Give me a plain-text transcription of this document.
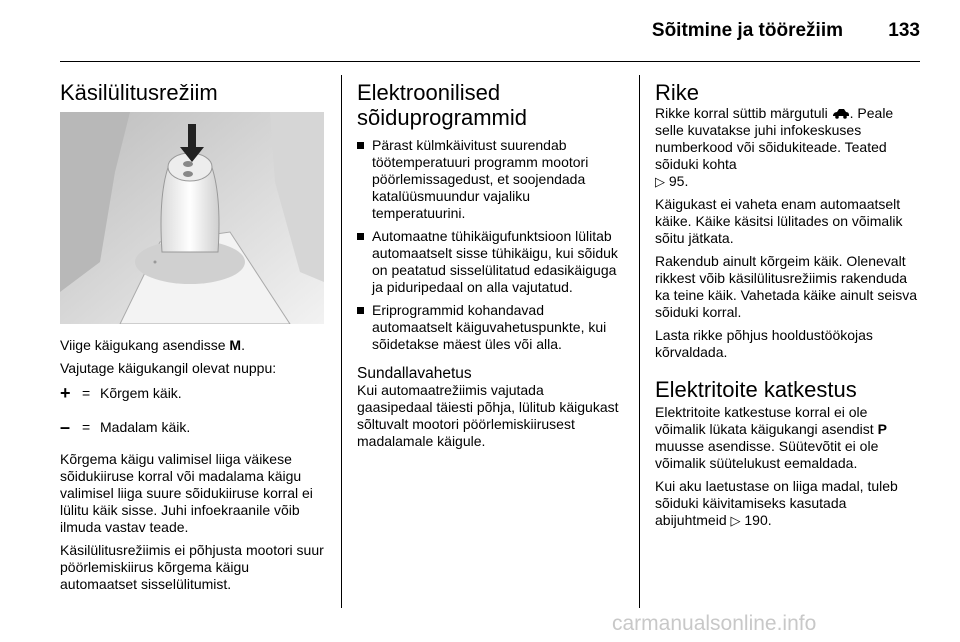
Sõitmine ja töörežiim 133
Käsilülitusrežiim
Viige käigukang asendisse M.
Vajutage käigukangil olevat nuppu:
+ = Kõrgem käik.
– = Madalam käik.
Kõrgema käigu valimisel liiga väikese sõidukiiruse korral või madalama käigu valimisel liiga suure sõidukiiruse korral ei lülitu käik sisse. Juhi infoekraanile võib ilmuda vastav teade.
Käsilülitusrežiimis ei põhjusta mootori suur pöörlemiskiirus kõrgema käigu automaatset sisselülitumist.
Elektroonilised
sõiduprogrammid
Pärast külmkäivitust suurendab töötemperatuuri programm mootori pöörlemissagedust, et soojendada katalüüsmuundur vajaliku temperatuurini.
Automaatne tühikäigufunktsioon lülitab automaatselt sisse tühikäigu, kui sõiduk on peatatud sisselülitatud edasikäiguga ja piduripedaal on alla vajutatud.
Eriprogrammid kohandavad automaatselt käiguvahetuspunkte, kui sõidetakse mäest üles või alla.
Sundallavahetus
Kui automaatrežiimis vajutada gaasipedaal täiesti põhja, lülitub käigukast sõltuvalt mootori pöörlemiskiirusest madalamale käigule.
Rike
Rikke korral süttib märgutuli . Peale selle kuvatakse juhi infokeskuses numberkood või sõidukiteade. Teated sõiduki kohta
▷ 95.
Käigukast ei vaheta enam automaatselt käike. Käike käsitsi lülitades on võimalik sõitu jätkata.
Rakendub ainult kõrgeim käik. Olenevalt rikkest võib käsilülitusrežiimis rakenduda ka teine käik. Vahetada käike ainult seisva sõiduki korral.
Lasta rikke põhjus hooldustöökojas kõrvaldada.
Elektritoite katkestus
Elektritoite katkestuse korral ei ole võimalik lükata käigukangi asendist P muusse asendisse. Süütevõtit ei ole võimalik süütelukust eemaldada.
Kui aku laetustase on liiga madal, tuleb sõiduki käivitamiseks kasutada abijuhtmeid ▷ 190.
carmanualsonline.info
